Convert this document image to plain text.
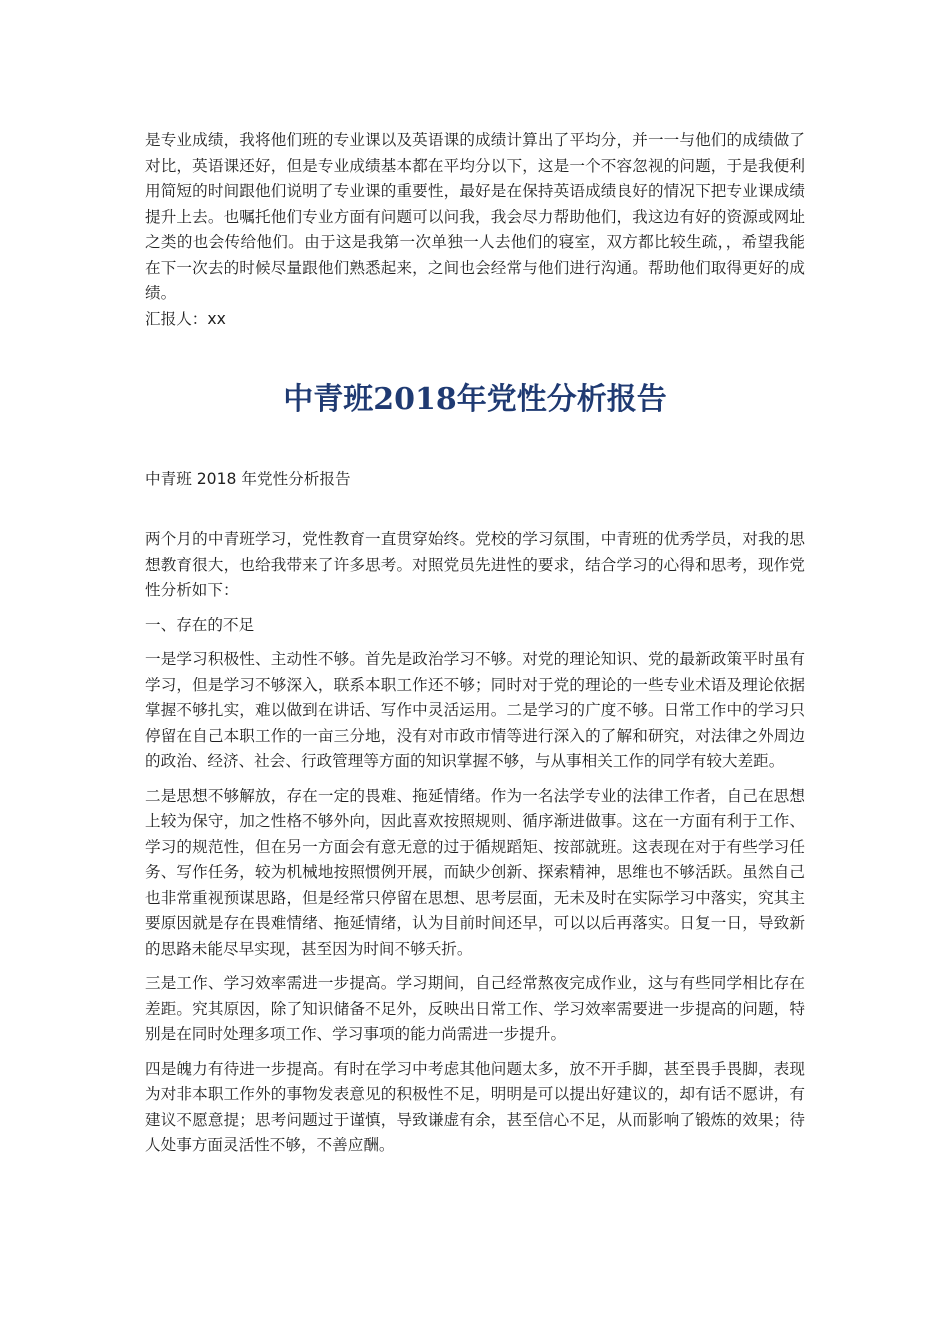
是专业成绩，我将他们班的专业课以及英语课的成绩计算出了平均分，并一一与他们的成绩做了对比，英语课还好，但是专业成绩基本都在平均分以下，这是一个不容忽视的问题，于是我便利用简短的时间跟他们说明了专业课的重要性，最好是在保持英语成绩良好的情况下把专业课成绩提升上去。也嘱托他们专业方面有问题可以问我，我会尽力帮助他们，我这边有好的资源或网址之类的也会传给他们。由于这是我第一次单独一人去他们的寝室，双方都比较生疏，，希望我能在下一次去的时候尽量跟他们熟悉起来，之间也会经常与他们进行沟通。帮助他们取得更好的成绩。

汇报人：xx

中青班2018年党性分析报告

中青班 2018 年党性分析报告

两个月的中青班学习，党性教育一直贯穿始终。党校的学习氛围，中青班的优秀学员，对我的思想教育很大，也给我带来了许多思考。对照党员先进性的要求，结合学习的心得和思考，现作党性分析如下：

一、存在的不足

一是学习积极性、主动性不够。首先是政治学习不够。对党的理论知识、党的最新政策平时虽有学习，但是学习不够深入，联系本职工作还不够；同时对于党的理论的一些专业术语及理论依据掌握不够扎实，难以做到在讲话、写作中灵活运用。二是学习的广度不够。日常工作中的学习只停留在自己本职工作的一亩三分地，没有对市政市情等进行深入的了解和研究，对法律之外周边的政治、经济、社会、行政管理等方面的知识掌握不够，与从事相关工作的同学有较大差距。

二是思想不够解放，存在一定的畏难、拖延情绪。作为一名法学专业的法律工作者，自己在思想上较为保守，加之性格不够外向，因此喜欢按照规则、循序渐进做事。这在一方面有利于工作、学习的规范性，但在另一方面会有意无意的过于循规蹈矩、按部就班。这表现在对于有些学习任务、写作任务，较为机械地按照惯例开展，而缺少创新、探索精神，思维也不够活跃。虽然自己也非常重视预谋思路，但是经常只停留在思想、思考层面，无未及时在实际学习中落实，究其主要原因就是存在畏难情绪、拖延情绪，认为目前时间还早，可以以后再落实。日复一日，导致新的思路未能尽早实现，甚至因为时间不够夭折。

三是工作、学习效率需进一步提高。学习期间，自己经常熬夜完成作业，这与有些同学相比存在差距。究其原因，除了知识储备不足外，反映出日常工作、学习效率需要进一步提高的问题，特别是在同时处理多项工作、学习事项的能力尚需进一步提升。

四是魄力有待进一步提高。有时在学习中考虑其他问题太多，放不开手脚，甚至畏手畏脚，表现为对非本职工作外的事物发表意见的积极性不足，明明是可以提出好建议的，却有话不愿讲，有建议不愿意提；思考问题过于谨慎，导致谦虚有余，甚至信心不足，从而影响了锻炼的效果；待人处事方面灵活性不够，不善应酬。
